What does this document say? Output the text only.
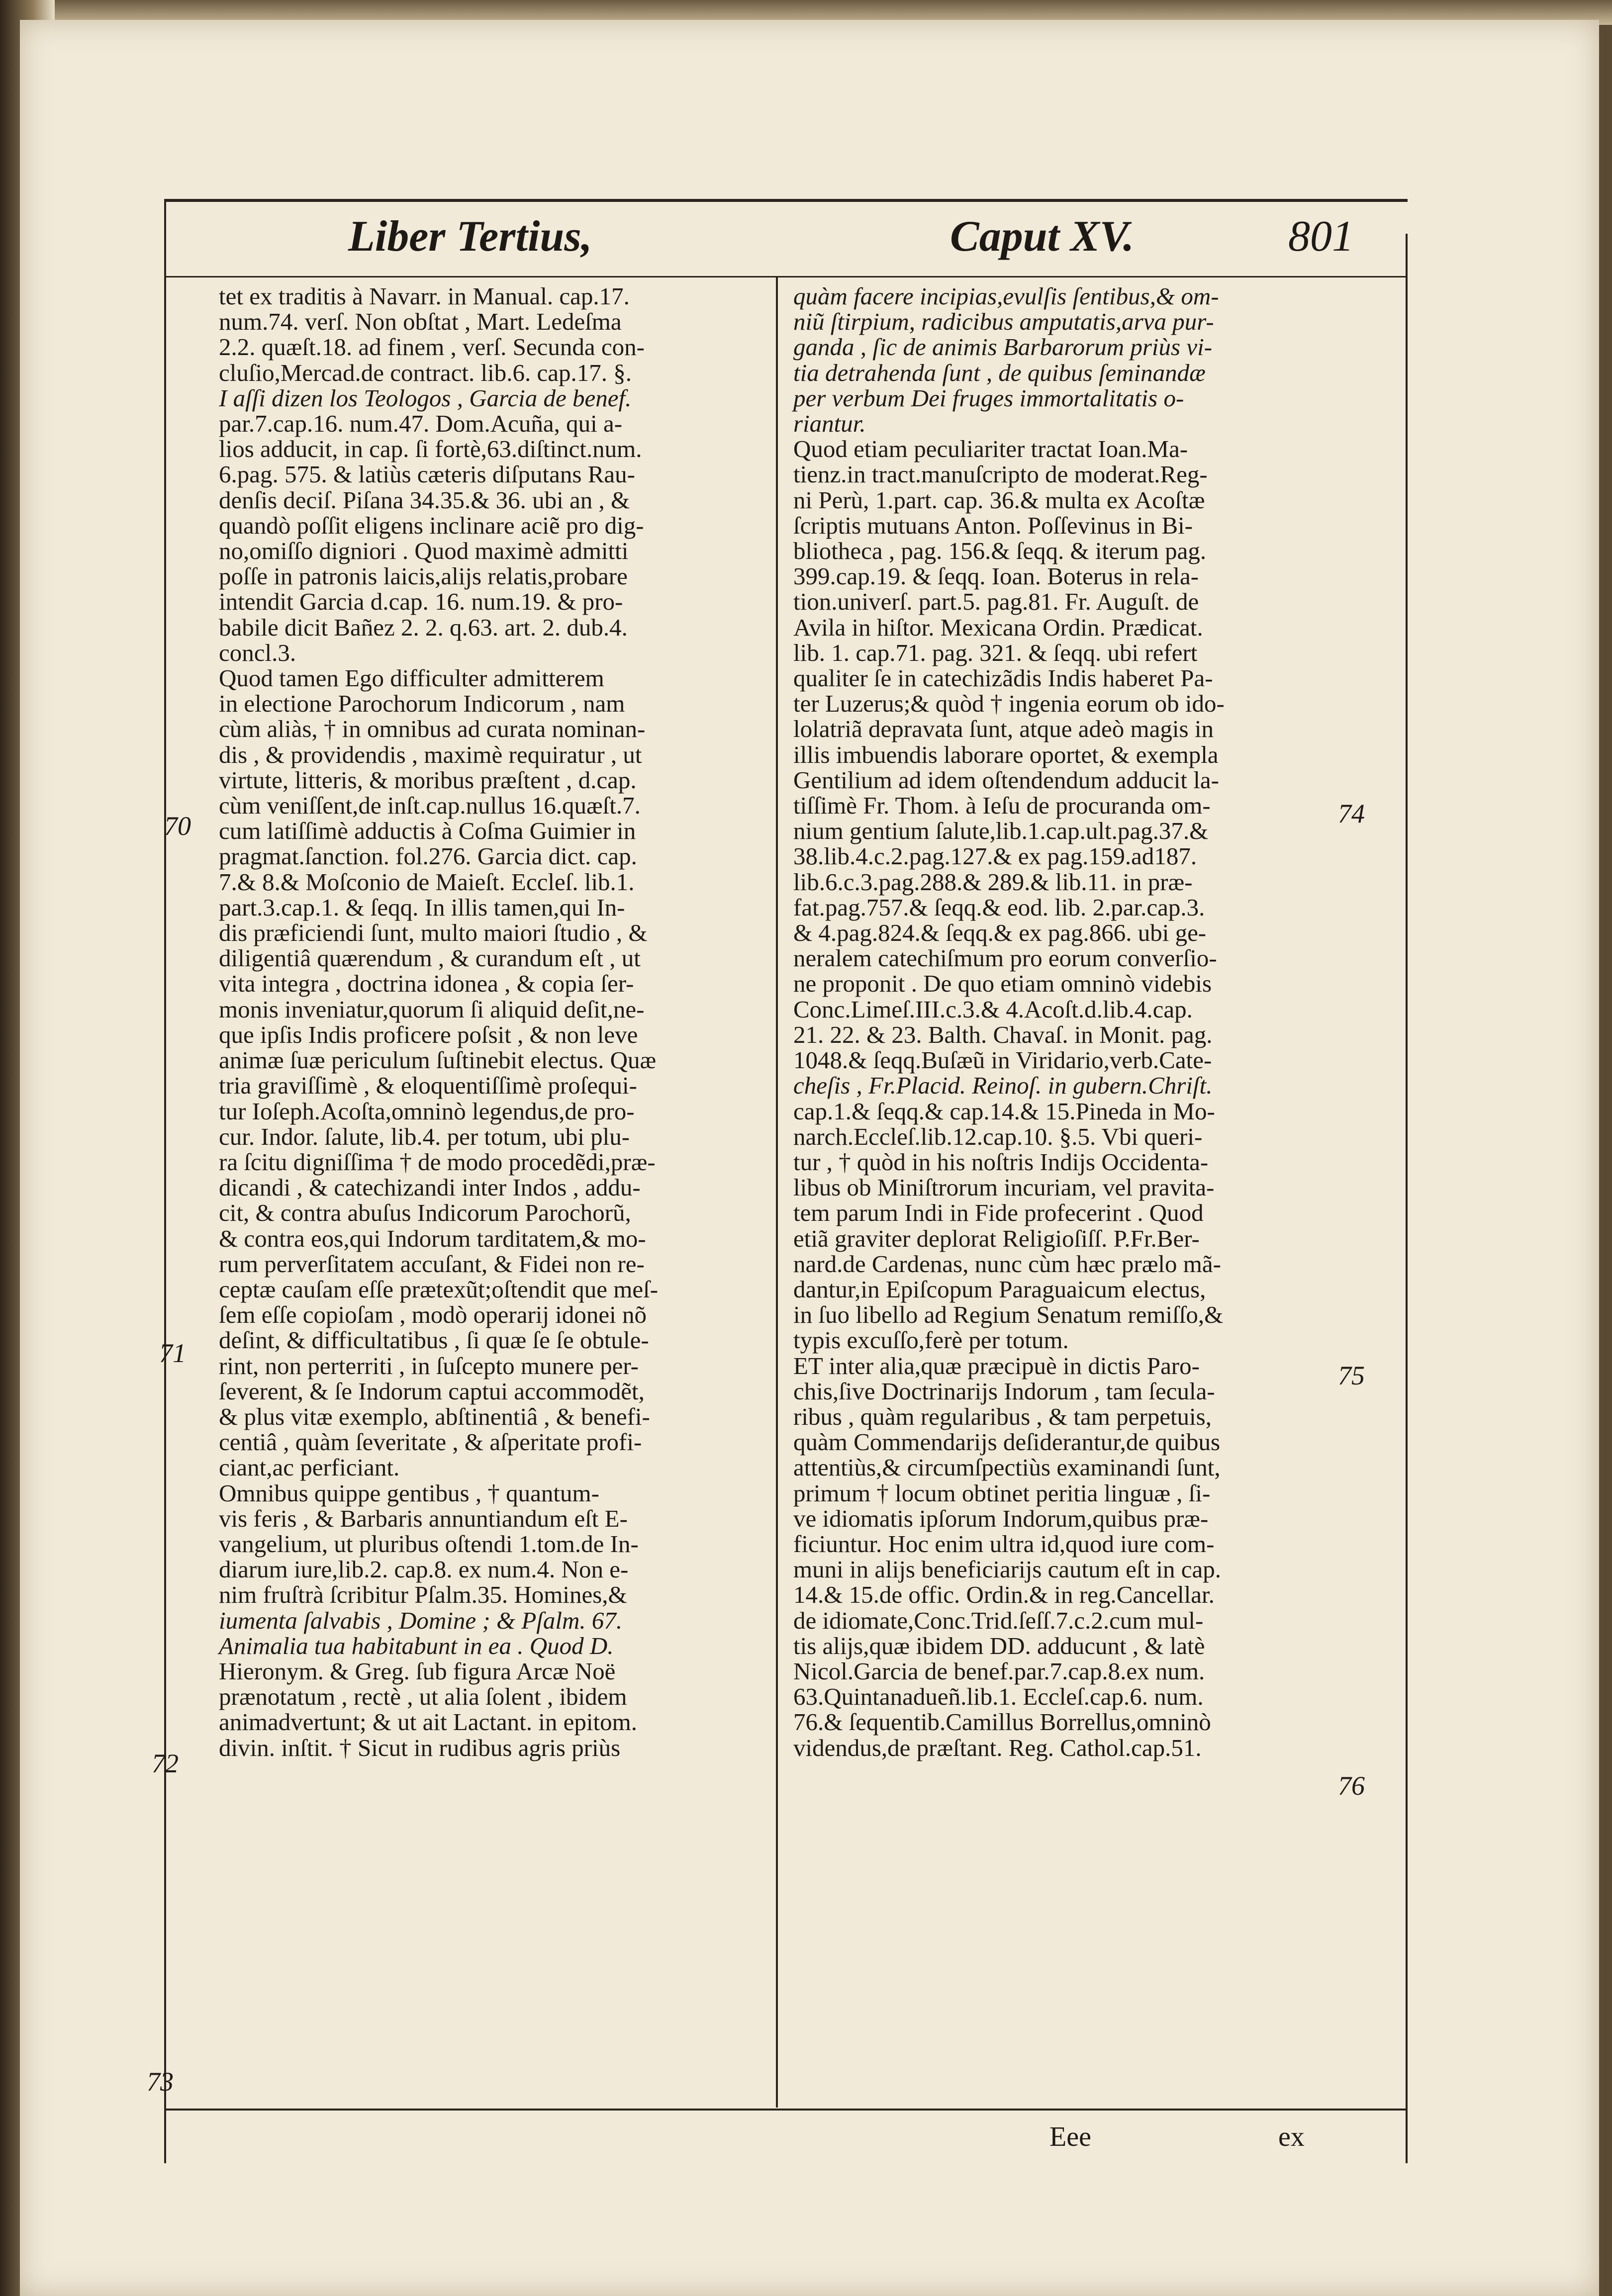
Liber Tertius,	Caput XV.	801

tet ex traditis à Navarr. in Manual. cap.17.

num.74. verſ. Non obſtat , Mart. Ledeſma

2.2. quæſt.18. ad finem , verſ. Secunda con-

cluſio,Mercad.de contract. lib.6. cap.17. §.

I aſſi dizen los Teologos , Garcia de benef.

par.7.cap.16. num.47. Dom.Acuña, qui a-

lios adducit, in cap. ſi fortè,63.diſtinct.num.

6.pag. 575. & latiùs cæteris diſputans Rau-

denſis deciſ. Piſana 34.35.& 36. ubi an , &

quandò poſſit eligens inclinare aciẽ pro dig-

no,omiſſo digniori . Quod maximè admitti

poſſe in patronis laicis,alijs relatis,probare

intendit Garcia d.cap. 16. num.19. & pro-

babile dicit Bañez 2. 2. q.63. art. 2. dub.4.

concl.3.

Quod tamen Ego difficulter admitterem

in electione Parochorum Indicorum , nam

cùm aliàs, † in omnibus ad curata nominan-

dis , & providendis , maximè requiratur , ut

virtute, litteris, & moribus præſtent , d.cap.

cùm veniſſent,de inſt.cap.nullus 16.quæſt.7.

cum latiſſimè adductis à Coſma Guimier in

pragmat.ſanction. fol.276. Garcia dict. cap.

7.& 8.& Moſconio de Maieſt. Eccleſ. lib.1.

part.3.cap.1. & ſeqq. In illis tamen,qui In-

dis præficiendi ſunt, multo maiori ſtudio , &

diligentiâ quærendum , & curandum eſt , ut

vita integra , doctrina idonea , & copia ſer-

monis inveniatur,quorum ſi aliquid deſit,ne-

que ipſis Indis proficere poſsit , & non leve

animæ ſuæ periculum ſuſtinebit electus. Quæ

tria graviſſimè , & eloquentiſſimè proſequi-

tur Ioſeph.Acoſta,omninò legendus,de pro-

cur. Indor. ſalute, lib.4. per totum, ubi plu-

ra ſcitu digniſſima † de modo procedẽdi,præ-

dicandi , & catechizandi inter Indos , addu-

cit, & contra abuſus Indicorum Parochorũ,

& contra eos,qui Indorum tarditatem,& mo-

rum perverſitatem accuſant, & Fidei non re-

ceptæ cauſam eſſe prætexũt;oſtendit que meſ-

ſem eſſe copioſam , modò operarij idonei nõ

deſint, & difficultatibus , ſi quæ ſe ſe obtule-

rint, non perterriti , in ſuſcepto munere per-

ſeverent, & ſe Indorum captui accommodẽt,

& plus vitæ exemplo, abſtinentiâ , & benefi-

centiâ , quàm ſeveritate , & aſperitate profi-

ciant,ac perficiant.

Omnibus quippe gentibus , † quantum-

vis feris , & Barbaris annuntiandum eſt E-

vangelium, ut pluribus oſtendi 1.tom.de In-

diarum iure,lib.2. cap.8. ex num.4. Non e-

nim fruſtrà ſcribitur Pſalm.35. Homines,&

iumenta ſalvabis , Domine ; & Pſalm. 67.

Animalia tua habitabunt in ea . Quod D.

Hieronym. & Greg. ſub figura Arcæ Noë

prænotatum , rectè , ut alia ſolent , ibidem

animadvertunt; & ut ait Lactant. in epitom.

divin. inſtit. † Sicut in rudibus agris priùs

quàm facere incipias,evulſis ſentibus,& om-

niũ ſtirpium, radicibus amputatis,arva pur-

ganda , ſic de animis Barbarorum priùs vi-

tia detrahenda ſunt , de quibus ſeminandæ

per verbum Dei fruges immortalitatis o-

riantur.

Quod etiam peculiariter tractat Ioan.Ma-

tienz.in tract.manuſcripto de moderat.Reg-

ni Perù, 1.part. cap. 36.& multa ex Acoſtæ

ſcriptis mutuans Anton. Poſſevinus in Bi-

bliotheca , pag. 156.& ſeqq. & iterum pag.

399.cap.19. & ſeqq. Ioan. Boterus in rela-

tion.univerſ. part.5. pag.81. Fr. Auguſt. de

Avila in hiſtor. Mexicana Ordin. Prædicat.

lib. 1. cap.71. pag. 321. & ſeqq. ubi refert

qualiter ſe in catechizãdis Indis haberet Pa-

ter Luzerus;& quòd † ingenia eorum ob ido-

lolatriã depravata ſunt, atque adeò magis in

illis imbuendis laborare oportet, & exempla

Gentilium ad idem oſtendendum adducit la-

tiſſimè Fr. Thom. à Ieſu de procuranda om-

nium gentium ſalute,lib.1.cap.ult.pag.37.&

38.lib.4.c.2.pag.127.& ex pag.159.ad187.

lib.6.c.3.pag.288.& 289.& lib.11. in præ-

fat.pag.757.& ſeqq.& eod. lib. 2.par.cap.3.

& 4.pag.824.& ſeqq.& ex pag.866. ubi ge-

neralem catechiſmum pro eorum converſio-

ne proponit . De quo etiam omninò videbis

Conc.Limeſ.III.c.3.& 4.Acoſt.d.lib.4.cap.

21. 22. & 23. Balth. Chavaſ. in Monit. pag.

1048.& ſeqq.Buſæũ in Viridario,verb.Cate-

cheſis , Fr.Placid. Reinoſ. in gubern.Chriſt.

cap.1.& ſeqq.& cap.14.& 15.Pineda in Mo-

narch.Eccleſ.lib.12.cap.10. §.5. Vbi queri-

tur , † quòd in his noſtris Indijs Occidenta-

libus ob Miniſtrorum incuriam, vel pravita-

tem parum Indi in Fide profecerint . Quod

etiã graviter deplorat Religioſiſſ. P.Fr.Ber-

nard.de Cardenas, nunc cùm hæc prælo mã-

dantur,in Epiſcopum Paraguaicum electus,

in ſuo libello ad Regium Senatum remiſſo,&

typis excuſſo,ferè per totum.

ET inter alia,quæ præcipuè in dictis Paro-

chis,ſive Doctrinarijs Indorum , tam ſecula-

ribus , quàm regularibus , & tam perpetuis,

quàm Commendarijs deſiderantur,de quibus

attentiùs,& circumſpectiùs examinandi ſunt,

primum † locum obtinet peritia linguæ , ſi-

ve idiomatis ipſorum Indorum,quibus præ-

ficiuntur. Hoc enim ultra id,quod iure com-

muni in alijs beneficiarijs cautum eſt in cap.

14.& 15.de offic. Ordin.& in reg.Cancellar.

de idiomate,Conc.Trid.ſeſſ.7.c.2.cum mul-

tis alijs,quæ ibidem DD. adducunt , & latè

Nicol.Garcia de benef.par.7.cap.8.ex num.

63.Quintanadueñ.lib.1. Eccleſ.cap.6. num.

76.& ſequentib.Camillus Borrellus,omninò

videndus,de præſtant. Reg. Cathol.cap.51.

70
71
72
73
74
75
76
Eee	ex
